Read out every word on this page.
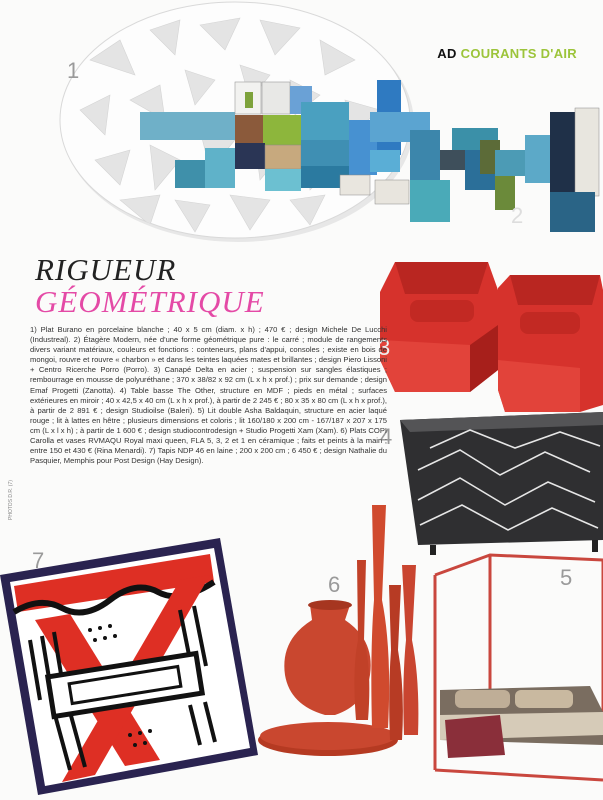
AD COURANTS D'AIR
1
2
3
4
5
6
7
RIGUEUR
GÉOMÉTRIQUE
1) Plat Burano en porcelaine blanche ; 40 x 5 cm (diam. x h) ; 470 € ; design Michele De Lucchi (Industreal). 2) Étagère Modern, née d'une forme géométrique pure : le carré ; module de rangements divers variant matériaux, couleurs et fonctions : conteneurs, plans d'appui, consoles ; existe en bois de mongoi, rouvre et rouvre « charbon » et dans les teintes laquées mates et brillantes ; design Piero Lissoni + Centro Ricerche Porro (Porro). 3) Canapé Delta en acier ; suspension sur sangles élastiques ; rembourrage en mousse de polyuréthane ; 370 x 38/82 x 92 cm (L x h x prof.) ; prix sur demande ; design Emaf Progetti (Zanotta). 4) Table basse The Other, structure en MDF ; pieds en métal ; surfaces extérieures en miroir ; 40 x 42,5 x 40 cm (L x h x prof.), à partir de 2 245 € ; 80 x 35 x 80 cm (L x h x prof.), à partir de 2 891 € ; design Studioilse (Baleri). 5) Lit double Asha Baldaquin, structure en acier laqué rouge ; lit à lattes en hêtre ; plusieurs dimensions et coloris ; lit 160/180 x 200 cm - 167/187 x 207 x 175 cm (L x l x h) ; à partir de 1 600 € ; design studiocontrodesign + Studio Progetti Xam (Xam). 6) Plats COPI Carolla et vases RVMAQU Royal maxi queen, FLA 5, 3, 2 et 1 en céramique ; faits et peints à la main ; entre 150 et 430 € (Rina Menardi). 7) Tapis NDP 46 en laine ; 200 x 200 cm ; 6 450 € ; design Nathalie du Pasquier, Memphis pour Post Design (Hay Design).
PHOTOS D.R. (7)
